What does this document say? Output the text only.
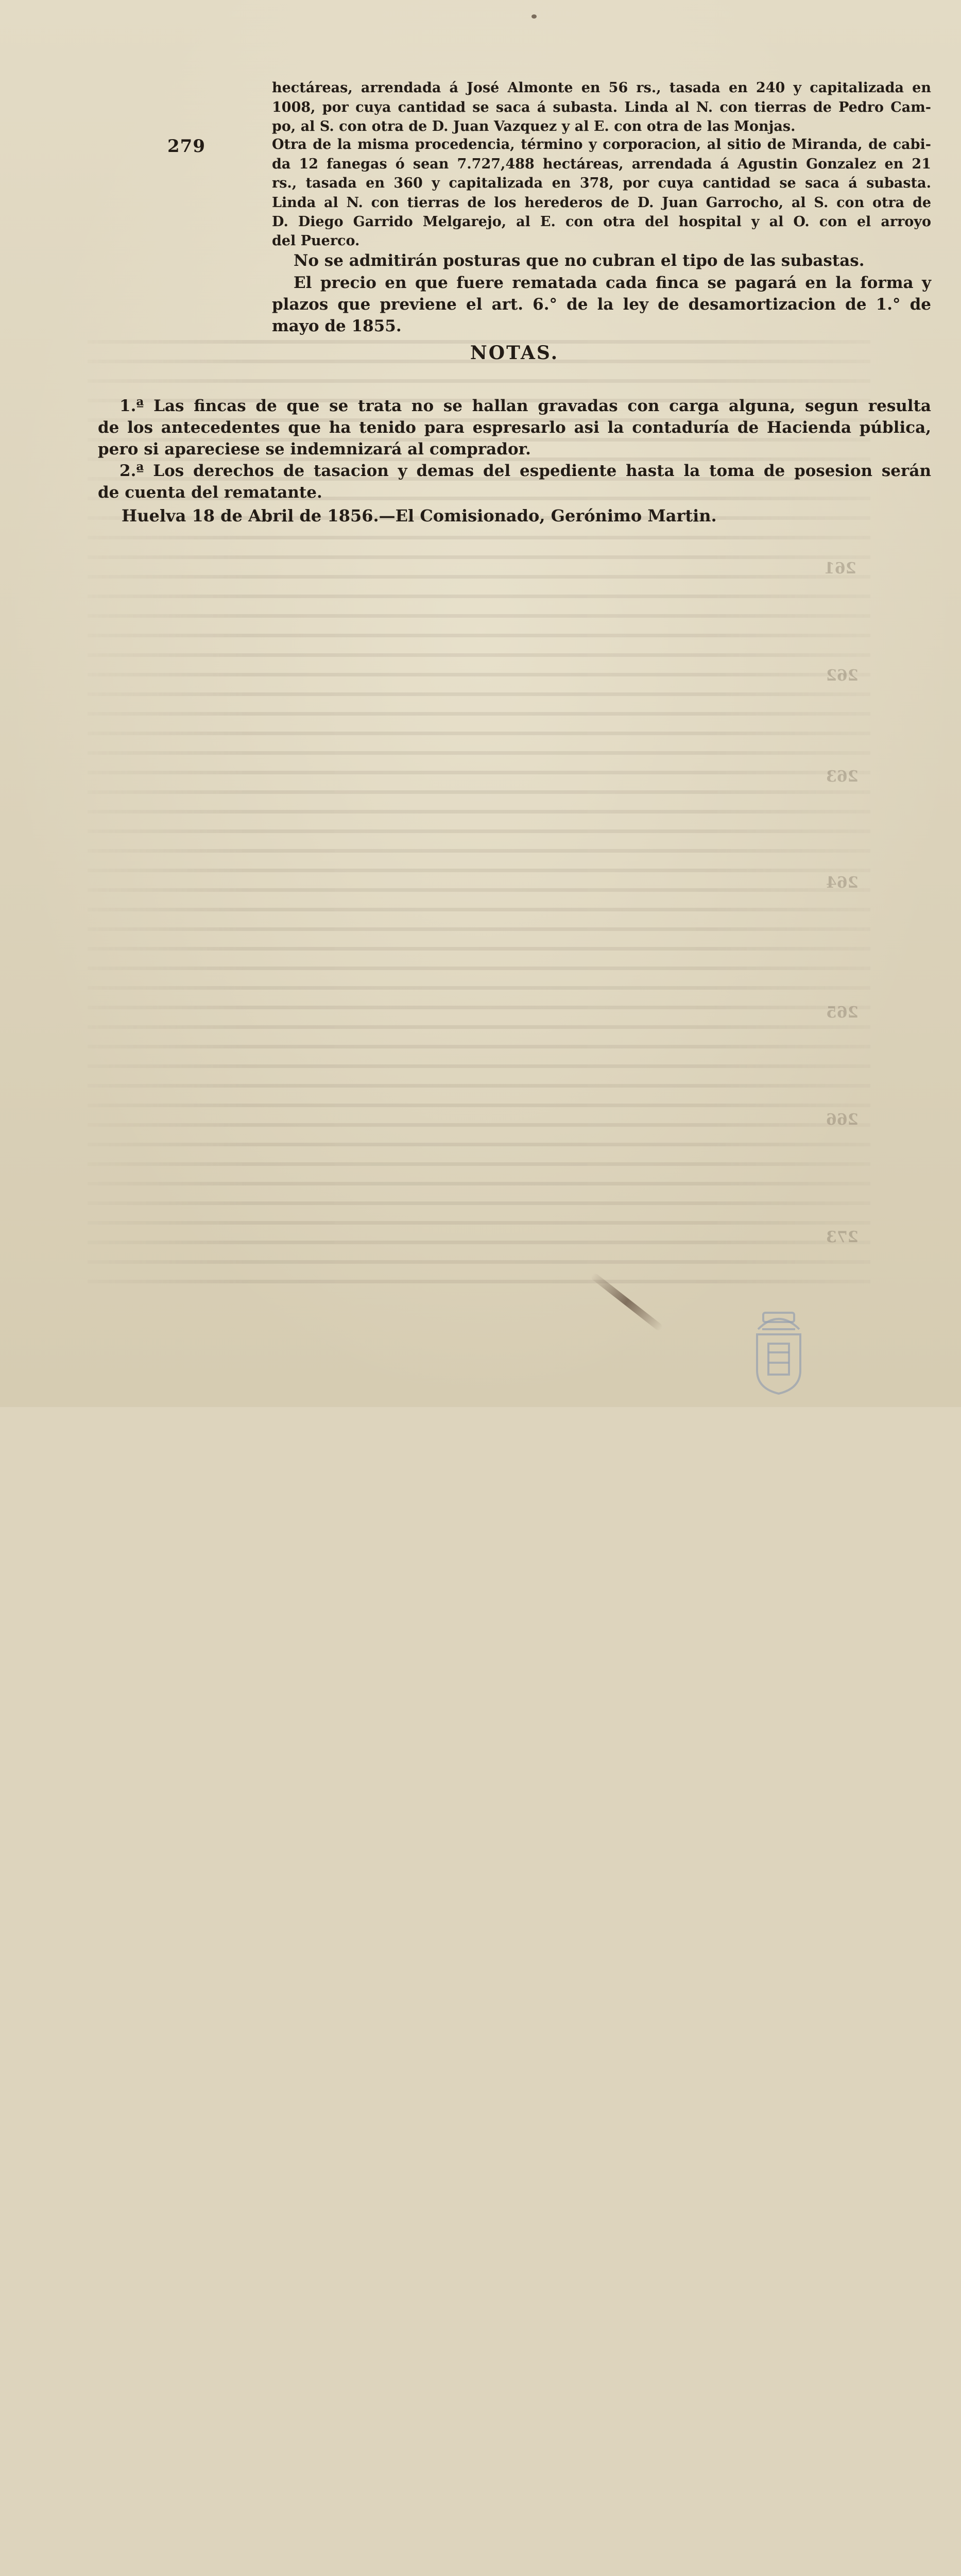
261
262
263
264
265
266
273
hectáreas, arrendada á José Almonte en 56 rs., tasada en 240 y capitalizada en
1008, por cuya cantidad se saca á subasta. Linda al N. con tierras de Pedro Cam-
po, al S. con otra de D. Juan Vazquez y al E. con otra de las Monjas.
279	Otra de la misma procedencia, término y corporacion, al sitio de Miranda, de cabi-
da 12 fanegas ó sean 7.727,488 hectáreas, arrendada á Agustin Gonzalez en 21
rs., tasada en 360 y capitalizada en 378, por cuya cantidad se saca á subasta.
Linda al N. con tierras de los herederos de D. Juan Garrocho, al S. con otra de
D. Diego Garrido Melgarejo, al E. con otra del hospital y al O. con el arroyo
del Puerco.
No se admitirán posturas que no cubran el tipo de las subastas.
El precio en que fuere rematada cada finca se pagará en la forma y
plazos que previene el art. 6.° de la ley de desamortizacion de 1.° de
mayo de 1855.
NOTAS.
1.ª Las fincas de que se trata no se hallan gravadas con carga alguna, segun resulta
de los antecedentes que ha tenido para espresarlo asi la contaduría de Hacienda pública,
pero si apareciese se indemnizará al comprador.
2.ª Los derechos de tasacion y demas del espediente hasta la toma de posesion serán
de cuenta del rematante.
Huelva 18 de Abril de 1856.—El Comisionado, Gerónimo Martin.
